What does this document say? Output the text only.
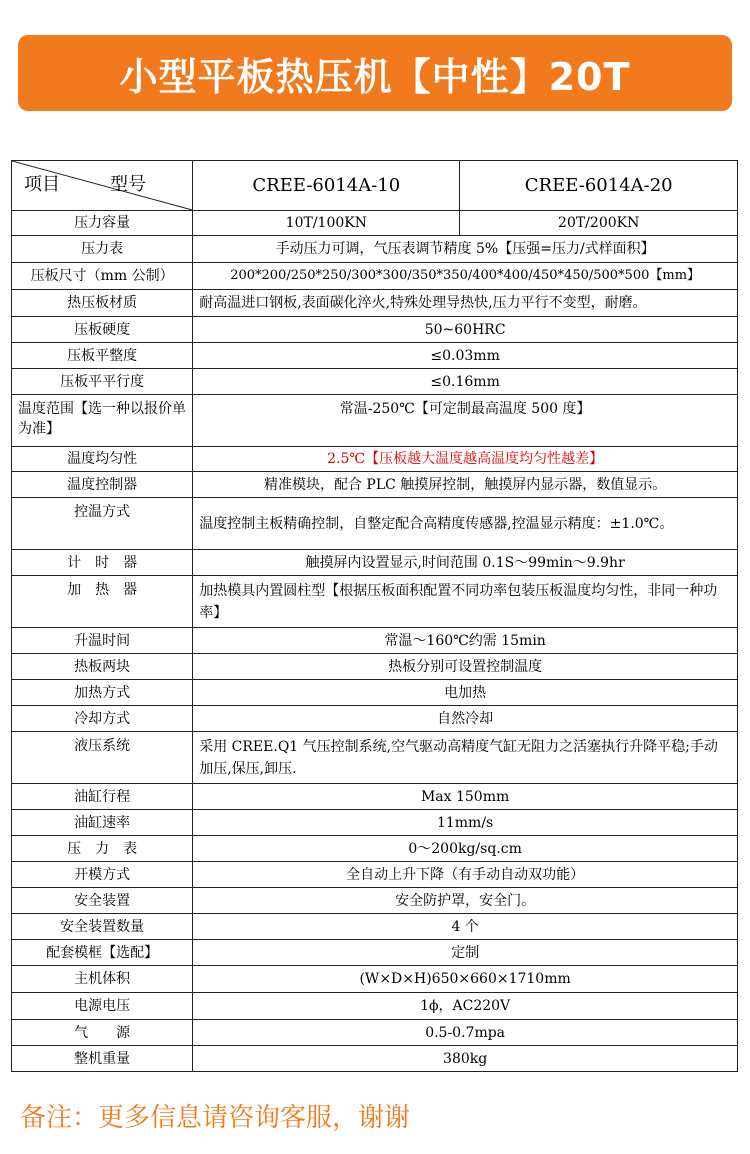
小型平板热压机【中性】20T
项目 型号	CREE-6014A-10	CREE-6014A-20
压力容量	10T/100KN	20T/200KN
压力表	手动压力可调，气压表调节精度 5%【压强=压力/式样面积】	
压板尺寸（mm 公制）	200*200/250*250/300*300/350*350/400*400/450*450/500*500【mm】	
热压板材质	耐高温进口钢板,表面碳化淬火,特殊处理导热快,压力平行不变型，耐磨。	
压板硬度	50~60HRC	
压板平整度	≤0.03mm	
压板平平行度	≤0.16mm	
温度范围【选一种以报价单为准】	常温-250℃【可定制最高温度 500 度】	
温度均匀性	2.5℃【压板越大温度越高温度均匀性越差】	
温度控制器	精准模块，配合 PLC 触摸屏控制，触摸屏内显示器，数值显示。	
控温方式	温度控制主板精确控制，自整定配合高精度传感器,控温显示精度：±1.0℃。	
计　时　器	触摸屏内设置显示,时间范围 0.1S～99min～9.9hr	
加　热　器	加热模具内置圆柱型【根据压板面积配置不同功率包装压板温度均匀性，非同一种功率】	
升温时间	常温～160℃约需 15min	
热板两块	热板分别可设置控制温度	
加热方式	电加热	
冷却方式	自然冷却	
液压系统	采用 CREE.Q1 气压控制系统,空气驱动高精度气缸无阻力之活塞执行升降平稳;手动加压,保压,卸压.	
油缸行程	Max 150mm	
油缸速率	11mm/s	
压　力　表	0～200kg/sq.cm	
开模方式	全自动上升下降（有手动自动双功能）	
安全装置	安全防护罩，安全门。	
安全装置数量	4 个	
配套模框【选配】	定制	
主机体积	(W×D×H)650×660×1710mm	
电源电压	1ϕ，AC220V	
气　　源	0.5-0.7mpa	
整机重量	380kg	
备注：更多信息请咨询客服，谢谢
